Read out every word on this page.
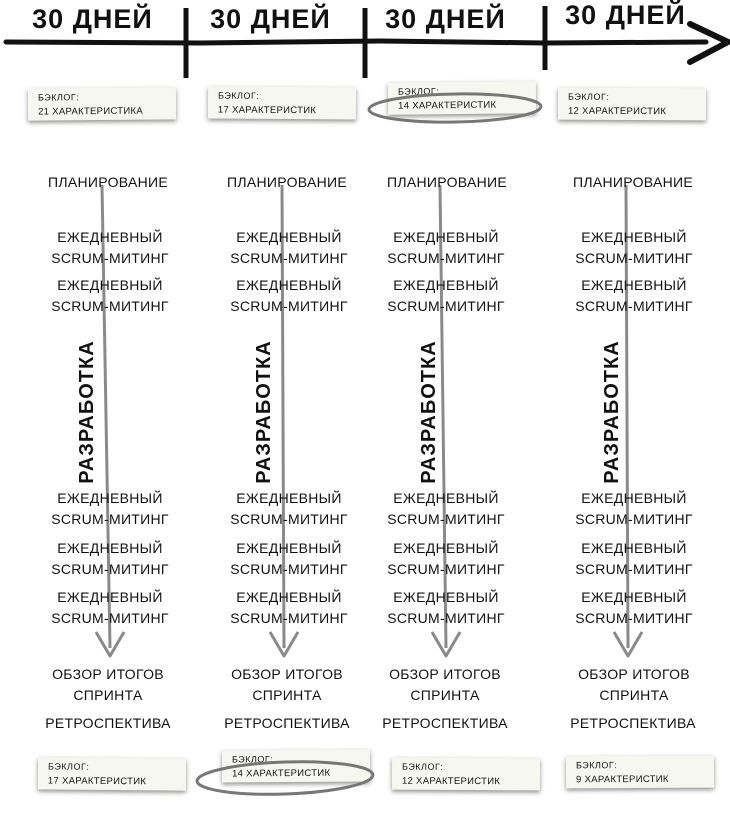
30 ДНЕЙ	30 ДНЕЙ	30 ДНЕЙ	30 ДНЕЙ
БЭКЛОГ:
21 ХАРАКТЕРИСТИКА
БЭКЛОГ:
17 ХАРАКТЕРИСТИК
БЭКЛОГ:
14 ХАРАКТЕРИСТИК
БЭКЛОГ:
12 ХАРАКТЕРИСТИК
ПЛАНИРОВАНИЕ	ПЛАНИРОВАНИЕ	ПЛАНИРОВАНИЕ	ПЛАНИРОВАНИЕ
ЕЖЕДНЕВНЫЙ
SCRUM-МИТИНГ
ЕЖЕДНЕВНЫЙ
SCRUM-МИТИНГ
ЕЖЕДНЕВНЫЙ
SCRUM-МИТИНГ
ЕЖЕДНЕВНЫЙ
SCRUM-МИТИНГ
ЕЖЕДНЕВНЫЙ
SCRUM-МИТИНГ
ЕЖЕДНЕВНЫЙ
SCRUM-МИТИНГ
ЕЖЕДНЕВНЫЙ
SCRUM-МИТИНГ
ЕЖЕДНЕВНЫЙ
SCRUM-МИТИНГ
РАЗРАБОТКА	РАЗРАБОТКА	РАЗРАБОТКА	РАЗРАБОТКА
ЕЖЕДНЕВНЫЙ
SCRUM-МИТИНГ
ЕЖЕДНЕВНЫЙ
SCRUM-МИТИНГ
ЕЖЕДНЕВНЫЙ
SCRUM-МИТИНГ
ЕЖЕДНЕВНЫЙ
SCRUM-МИТИНГ
ЕЖЕДНЕВНЫЙ
SCRUM-МИТИНГ
ЕЖЕДНЕВНЫЙ
SCRUM-МИТИНГ
ЕЖЕДНЕВНЫЙ
SCRUM-МИТИНГ
ЕЖЕДНЕВНЫЙ
SCRUM-МИТИНГ
ЕЖЕДНЕВНЫЙ
SCRUM-МИТИНГ
ЕЖЕДНЕВНЫЙ
SCRUM-МИТИНГ
ЕЖЕДНЕВНЫЙ
SCRUM-МИТИНГ
ЕЖЕДНЕВНЫЙ
SCRUM-МИТИНГ
ОБЗОР ИТОГОВ
СПРИНТА
ОБЗОР ИТОГОВ
СПРИНТА
ОБЗОР ИТОГОВ
СПРИНТА
ОБЗОР ИТОГОВ
СПРИНТА
РЕТРОСПЕКТИВА	РЕТРОСПЕКТИВА	РЕТРОСПЕКТИВА	РЕТРОСПЕКТИВА
БЭКЛОГ:
17 ХАРАКТЕРИСТИК
БЭКЛОГ:
14 ХАРАКТЕРИСТИК
БЭКЛОГ:
12 ХАРАКТЕРИСТИК
БЭКЛОГ:
9 ХАРАКТЕРИСТИК
